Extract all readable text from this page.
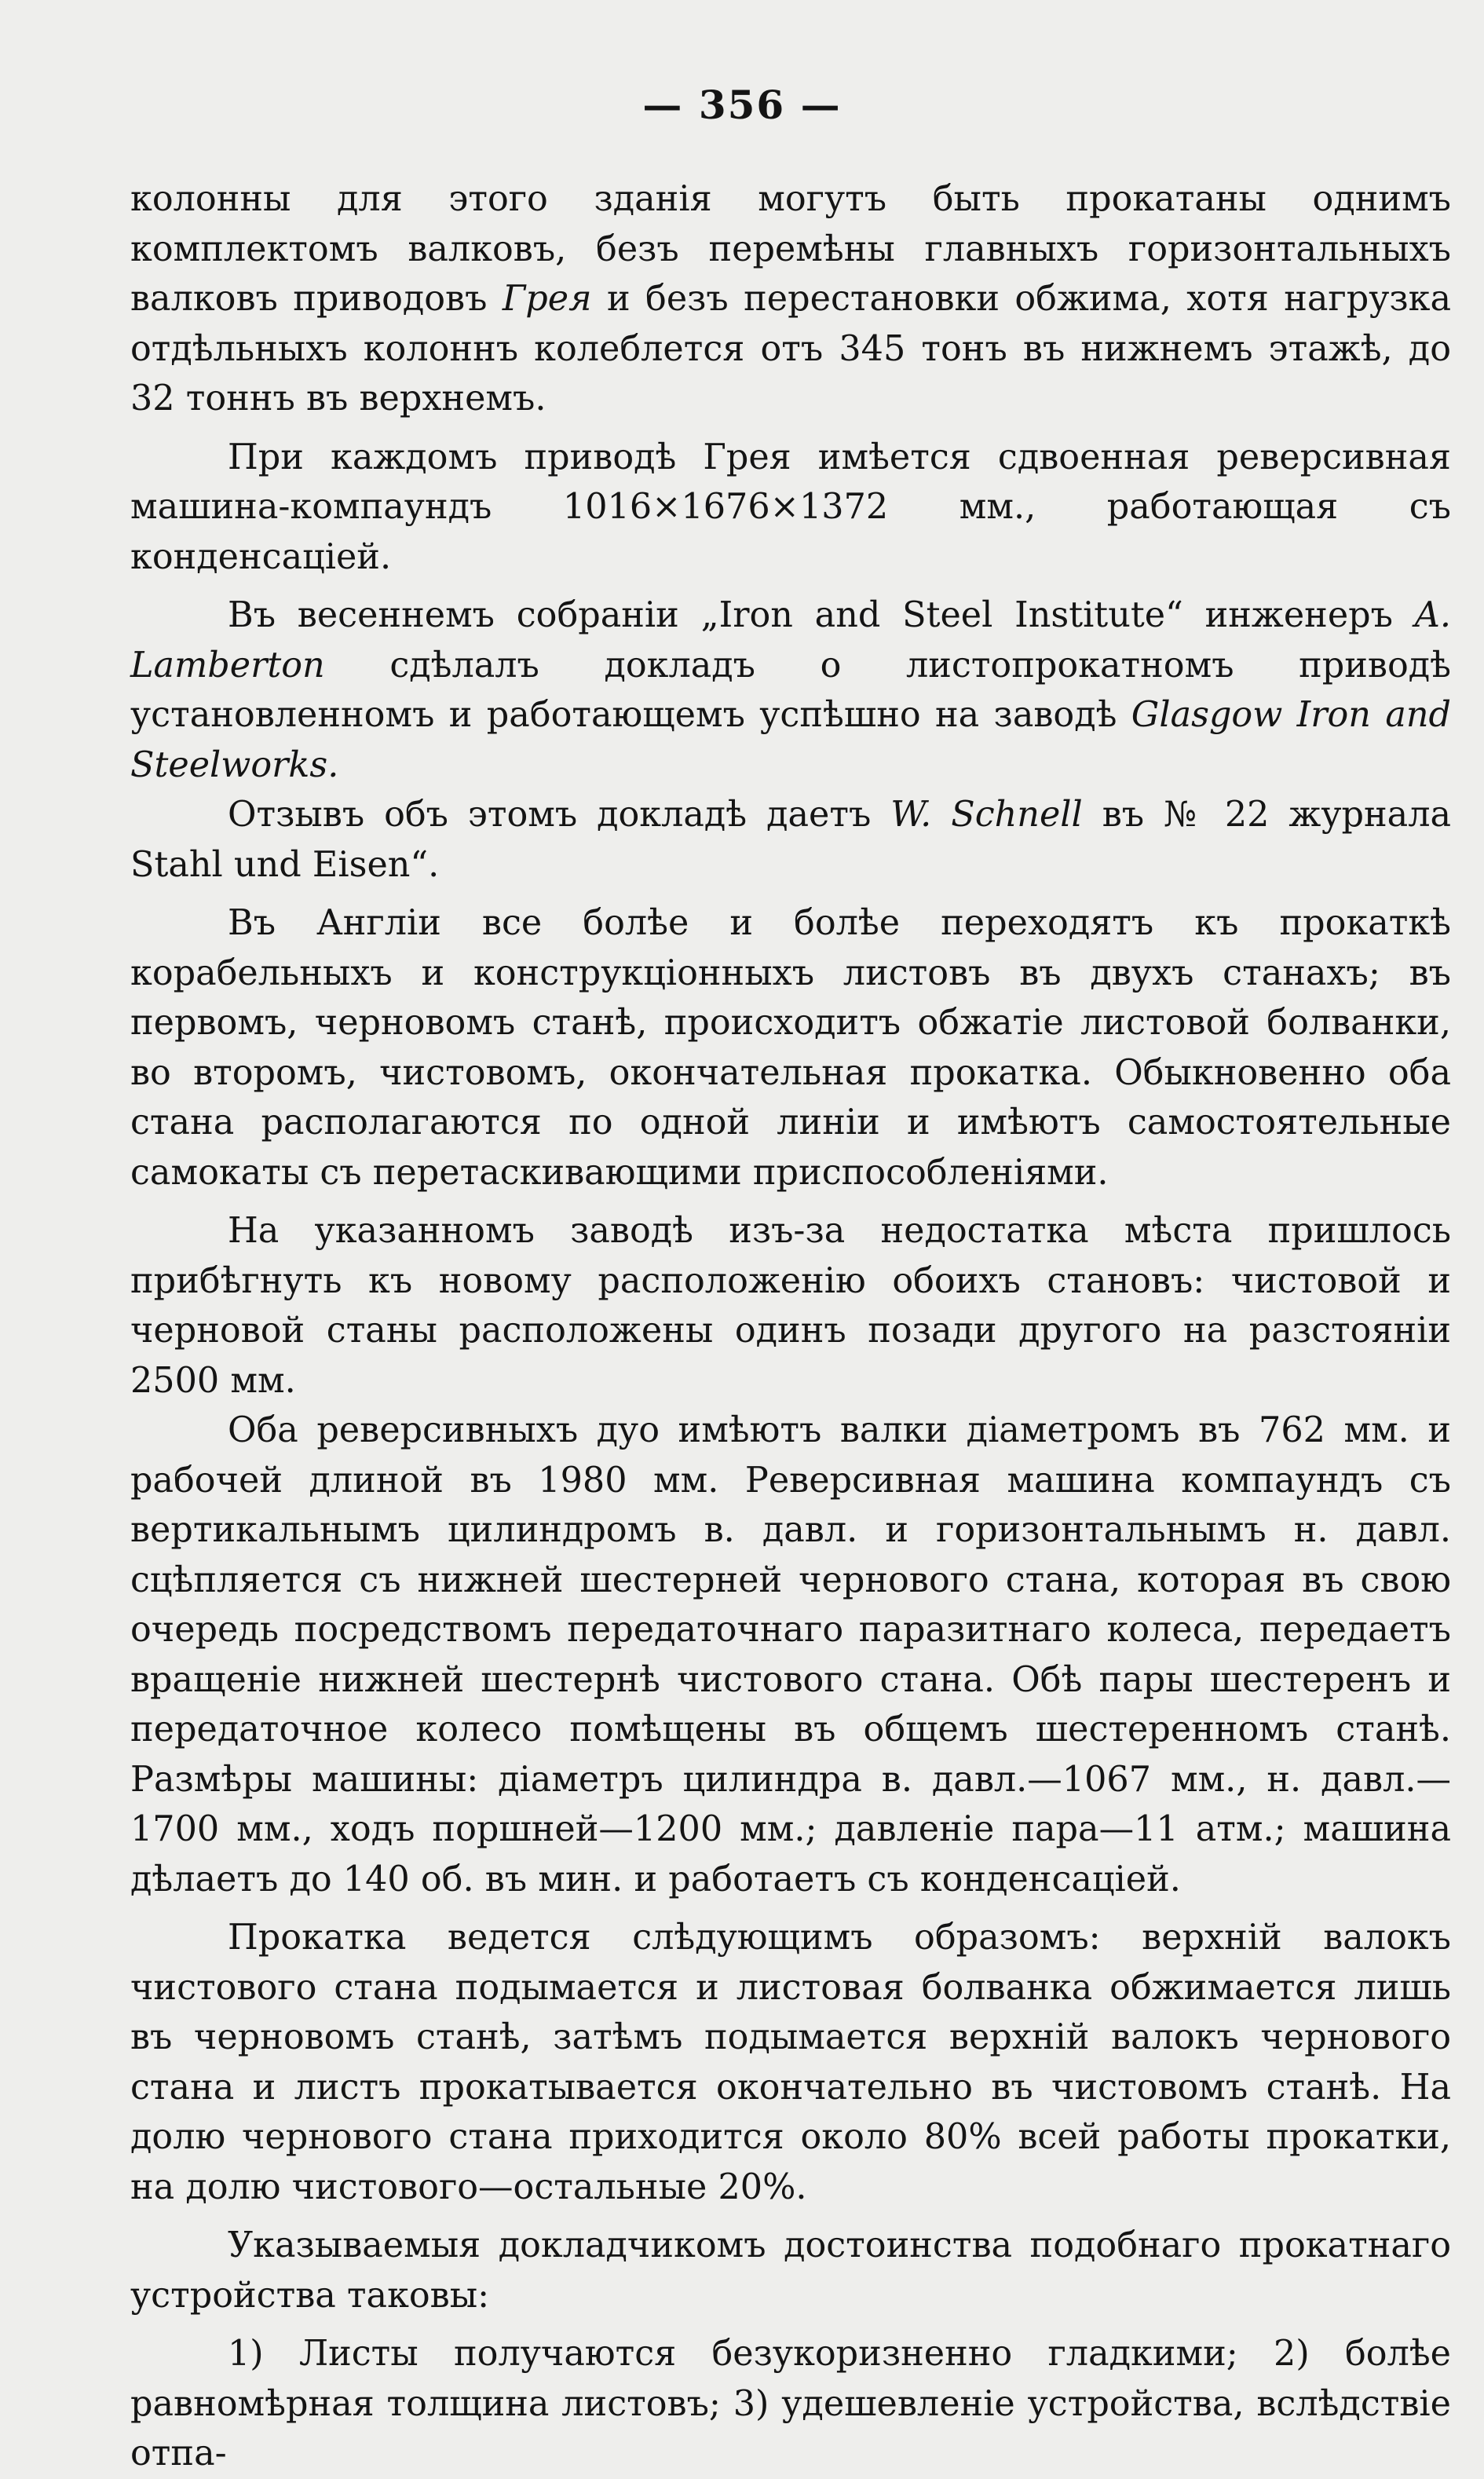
— 356 —

колонны для этого зданія могутъ быть прокатаны однимъ комплектомъ валковъ, безъ перемѣны главныхъ горизонтальныхъ валковъ приводовъ Грея и безъ перестановки обжима, хотя нагрузка отдѣльныхъ колоннъ колеблется отъ 345 тонъ въ нижнемъ этажѣ, до 32 тоннъ въ верхнемъ.

При каждомъ приводѣ Грея имѣется сдвоенная реверсивная машина-компаундъ 1016×1676×1372 мм., работающая съ конденсаціей.

Въ весеннемъ собраніи „Iron and Steel Institute“ инженеръ A. Lamberton сдѣлалъ докладъ о листопрокатномъ приводѣ установленномъ и работающемъ успѣшно на заводѣ Glasgow Iron and Steelworks.

Отзывъ объ этомъ докладѣ даетъ W. Schnell въ № 22 журнала Stahl und Eisen“.

Въ Англіи все болѣе и болѣе переходятъ къ прокаткѣ корабельныхъ и конструкціонныхъ листовъ въ двухъ станахъ; въ первомъ, черновомъ станѣ, происходитъ обжатіе листовой болванки, во второмъ, чистовомъ, окончательная прокатка. Обыкновенно оба стана располагаются по одной линіи и имѣютъ самостоятельные самокаты съ перетаскивающими приспособленіями.

На указанномъ заводѣ изъ-за недостатка мѣста пришлось прибѣгнуть къ новому расположенію обоихъ становъ: чистовой и черновой станы расположены одинъ позади другого на разстояніи 2500 мм.

Оба реверсивныхъ дуо имѣютъ валки діаметромъ въ 762 мм. и рабочей длиной въ 1980 мм. Реверсивная машина компаундъ съ вертикальнымъ цилиндромъ в. давл. и горизонтальнымъ н. давл. сцѣпляется съ нижней шестерней чернового стана, которая въ свою очередь посредствомъ передаточнаго паразитнаго колеса, передаетъ вращеніе нижней шестернѣ чистового стана. Обѣ пары шестеренъ и передаточное колесо помѣщены въ общемъ шестеренномъ станѣ. Размѣры машины: діаметръ цилиндра в. давл.—1067 мм., н. давл.—1700 мм., ходъ поршней—1200 мм.; давленіе пара—11 атм.; машина дѣлаетъ до 140 об. въ мин. и работаетъ съ конденсаціей.

Прокатка ведется слѣдующимъ образомъ: верхній валокъ чистового стана подымается и листовая болванка обжимается лишь въ черновомъ станѣ, затѣмъ подымается верхній валокъ чернового стана и листъ прокатывается окончательно въ чистовомъ станѣ. На долю чернового стана приходится около 80% всей работы прокатки, на долю чистового—остальные 20%.

Указываемыя докладчикомъ достоинства подобнаго прокатнаго устройства таковы:

1) Листы получаются безукоризненно гладкими; 2) болѣе равномѣрная толщина листовъ; 3) удешевленіе устройства, вслѣдствіе отпа-
